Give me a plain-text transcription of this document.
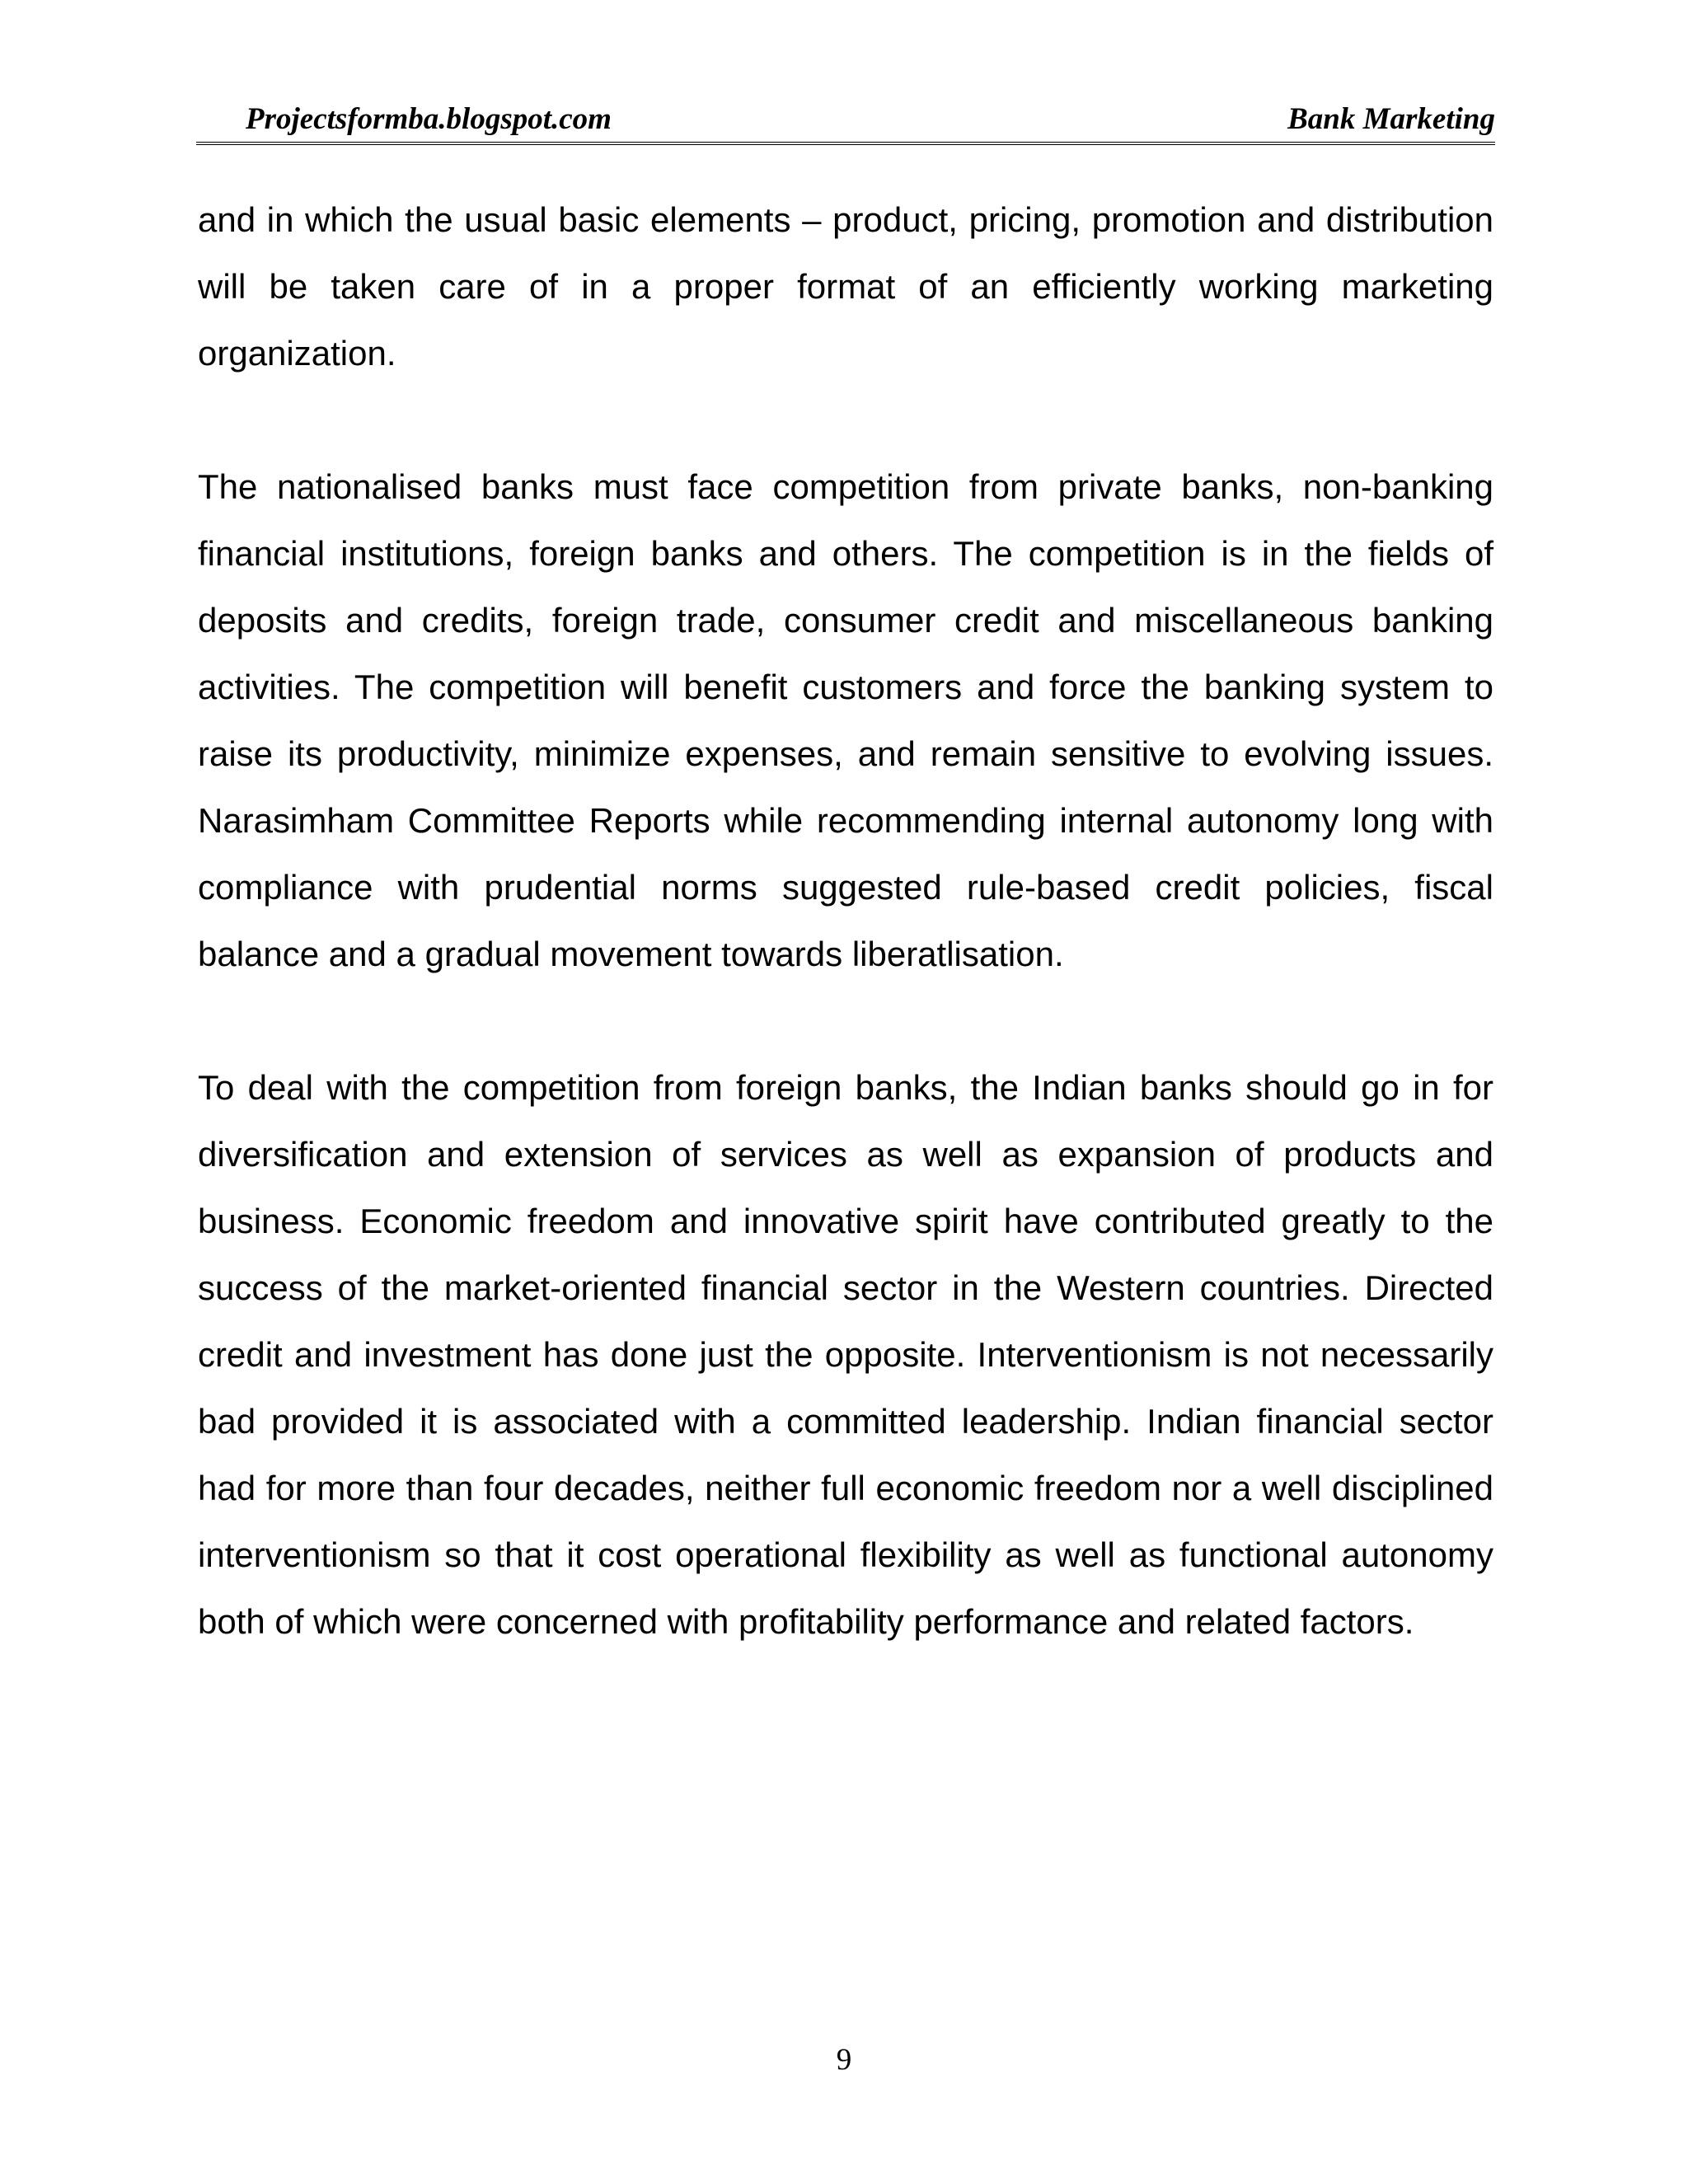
Projectsformba.blogspot.com	Bank Marketing

and in which the usual basic elements – product, pricing, promotion and distribution will be taken care of in a proper format of an efficiently working marketing organization.

The nationalised banks must face competition from private banks, non-banking financial institutions, foreign banks and others. The competition is in the fields of deposits and credits, foreign trade, consumer credit and miscellaneous banking activities. The competition will benefit customers and force the banking system to raise its productivity, minimize expenses, and remain sensitive to evolving issues. Narasimham Committee Reports while recommending internal autonomy long with compliance with prudential norms suggested rule-based credit policies, fiscal balance and a gradual movement towards liberatlisation.

To deal with the competition from foreign banks, the Indian banks should go in for diversification and extension of services as well as expansion of products and business. Economic freedom and innovative spirit have contributed greatly to the success of the market-oriented financial sector in the Western countries. Directed credit and investment has done just the opposite. Interventionism is not necessarily bad provided it is associated with a committed leadership. Indian financial sector had for more than four decades, neither full economic freedom nor a well disciplined interventionism so that it cost operational flexibility as well as functional autonomy both of which were concerned with profitability performance and related factors.

9
